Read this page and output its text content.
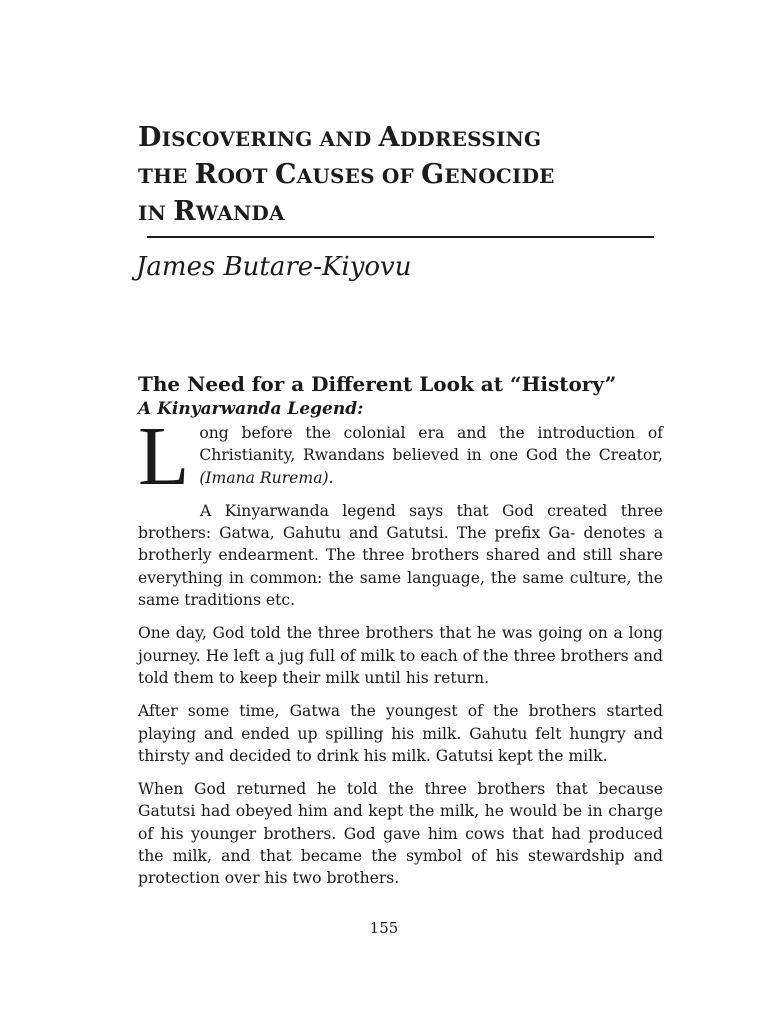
DISCOVERING AND ADDRESSING
THE ROOT CAUSES OF GENOCIDE
IN RWANDA
James Butare-Kiyovu
The Need for a Different Look at “History”
A Kinyarwanda Legend:

Long before the colonial era and the introduction of Christianity, Rwandans believed in one God the Creator, (Imana Rurema).

A Kinyarwanda legend says that God created three brothers: Gatwa, Gahutu and Gatutsi. The prefix Ga- denotes a brotherly endearment. The three brothers shared and still share everything in common: the same language, the same culture, the same traditions etc.

One day, God told the three brothers that he was going on a long journey. He left a jug full of milk to each of the three brothers and told them to keep their milk until his return.

After some time, Gatwa the youngest of the brothers started playing and ended up spilling his milk. Gahutu felt hungry and thirsty and decided to drink his milk. Gatutsi kept the milk.

When God returned he told the three brothers that because Gatutsi had obeyed him and kept the milk, he would be in charge of his younger brothers. God gave him cows that had produced the milk, and that became the symbol of his stewardship and protection over his two brothers.

155
